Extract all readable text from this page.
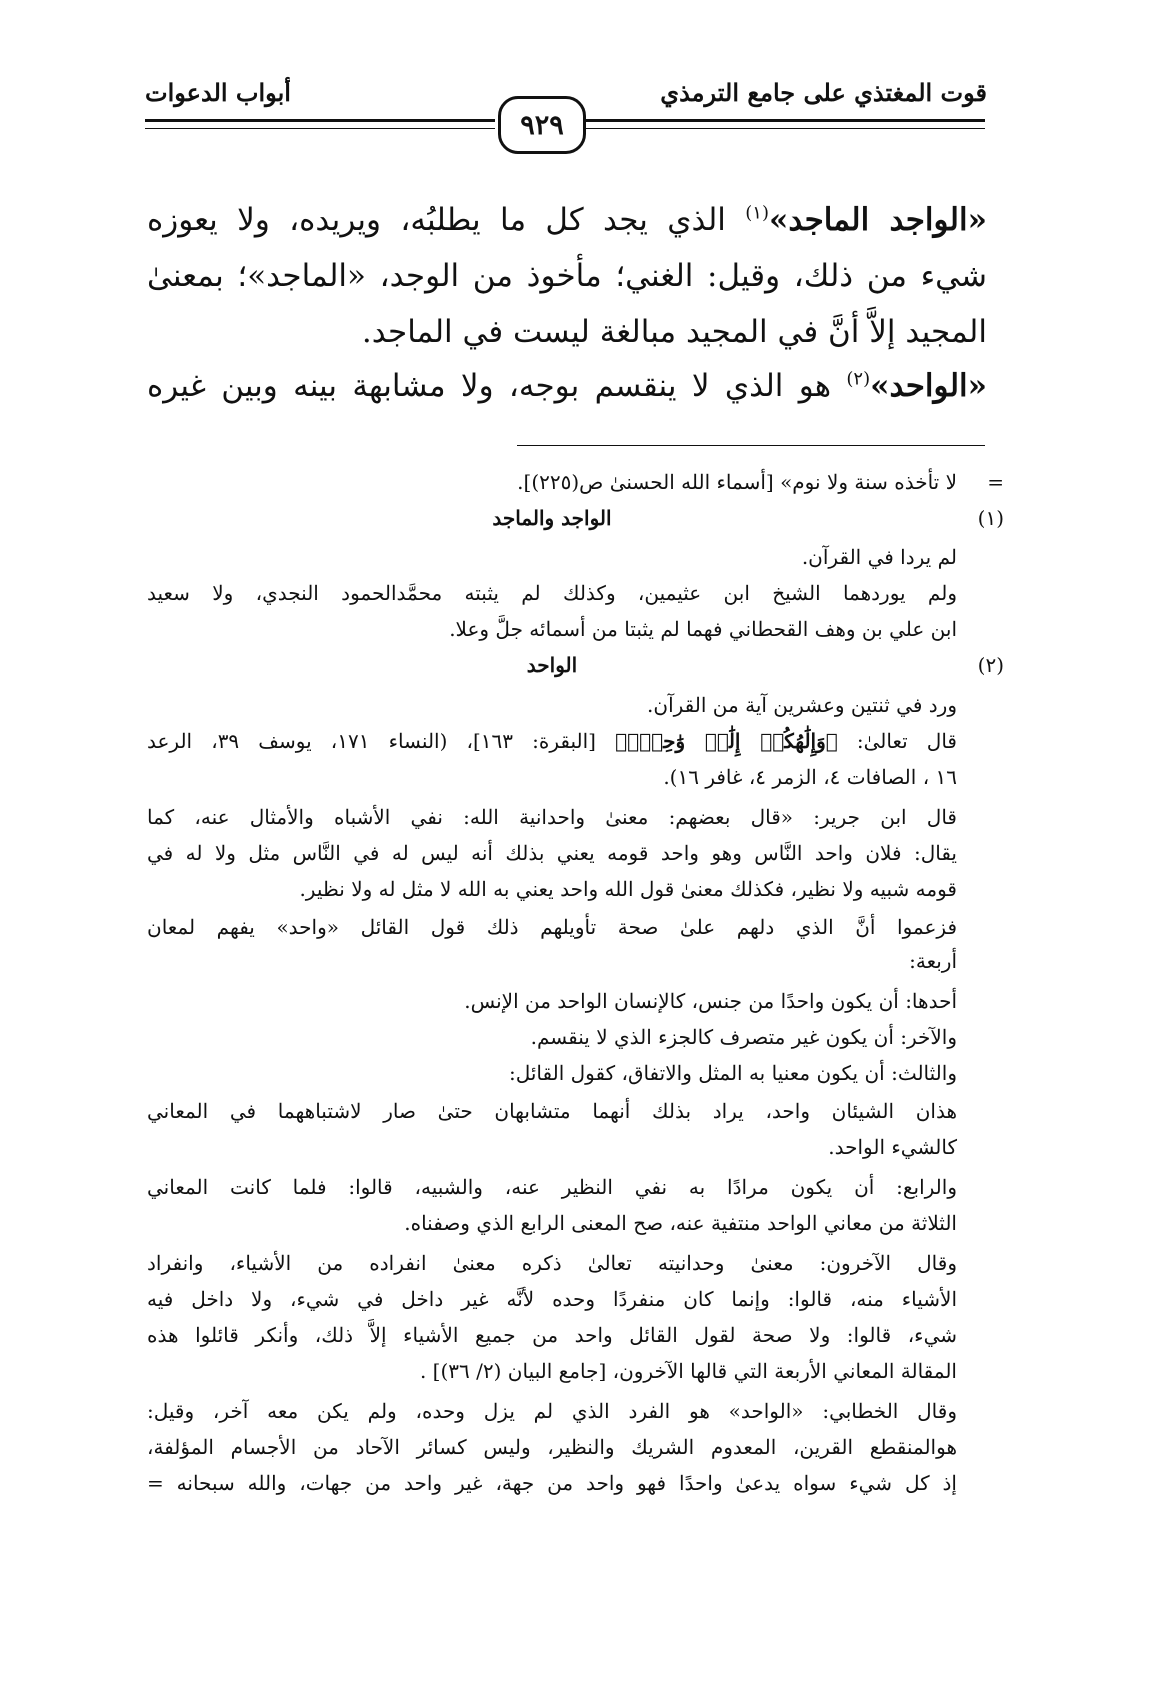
قوت المغتذي على جامع الترمذي
أبواب الدعوات
٩٢٩
«الواجد الماجد»$^{(١)}$ الذي يجد كل ما يطلبُه، ويريده، ولا يعوزه
شيء من ذلك، وقيل: الغني؛ مأخوذ من الوجد، «الماجد»؛ بمعنىٰ
المجيد إلاَّ أنَّ في المجيد مبالغة ليست في الماجد.
«الواحد»$^{(٢)}$ هو الذي لا ينقسم بوجه، ولا مشابهة بينه وبين غيره
=
لا تأخذه سنة ولا نوم» [أسماء الله الحسنىٰ ص(٢٢٥)].
(١)
الواجد والماجد
لم يردا في القرآن.
ولم يوردهما الشيخ ابن عثيمين، وكذلك لم يثبته محمَّدالحمود النجدي، ولا سعيد
ابن علي بن وهف القحطاني فهما لم يثبتا من أسمائه جلَّ وعلا.
(٢)
الواحد
ورد في ثنتين وعشرين آية من القرآن.
قال تعالىٰ: ﴿وَإِلَٰهُكُمۡ إِلَٰهٞ وَٰحِدٞۖ﴾ [البقرة: ١٦٣]، (النساء ١٧١، يوسف ٣٩، الرعد
١٦ ، الصافات ٤، الزمر ٤، غافر ١٦).
قال ابن جرير: «قال بعضهم: معنىٰ واحدانية الله: نفي الأشباه والأمثال عنه، كما
يقال: فلان واحد النَّاس وهو واحد قومه يعني بذلك أنه ليس له في النَّاس مثل ولا له في
قومه شبيه ولا نظير، فكذلك معنىٰ قول الله واحد يعني به الله لا مثل له ولا نظير.
فزعموا أنَّ الذي دلهم علىٰ صحة تأويلهم ذلك قول القائل «واحد» يفهم لمعان
أربعة:
أحدها: أن يكون واحدًا من جنس، كالإنسان الواحد من الإنس.
والآخر: أن يكون غير متصرف كالجزء الذي لا ينقسم.
والثالث: أن يكون معنيا به المثل والاتفاق، كقول القائل:
هذان الشيئان واحد، يراد بذلك أنهما متشابهان حتىٰ صار لاشتباههما في المعاني
كالشيء الواحد.
والرابع: أن يكون مرادًا به نفي النظير عنه، والشبيه، قالوا: فلما كانت المعاني
الثلاثة من معاني الواحد منتفية عنه، صح المعنى الرابع الذي وصفناه.
وقال الآخرون: معنىٰ وحدانيته تعالىٰ ذكره معنىٰ انفراده من الأشياء، وانفراد
الأشياء منه، قالوا: وإنما كان منفردًا وحده لأنَّه غير داخل في شيء، ولا داخل فيه
شيء، قالوا: ولا صحة لقول القائل واحد من جميع الأشياء إلاَّ ذلك، وأنكر قائلوا هذه
المقالة المعاني الأربعة التي قالها الآخرون، [جامع البيان (٢/ ٣٦)] .
وقال الخطابي: «الواحد» هو الفرد الذي لم يزل وحده، ولم يكن معه آخر، وقيل:
هوالمنقطع القرين، المعدوم الشريك والنظير، وليس كسائر الآحاد من الأجسام المؤلفة،
إذ كل شيء سواه يدعىٰ واحدًا فهو واحد من جهة، غير واحد من جهات، والله سبحانه =
